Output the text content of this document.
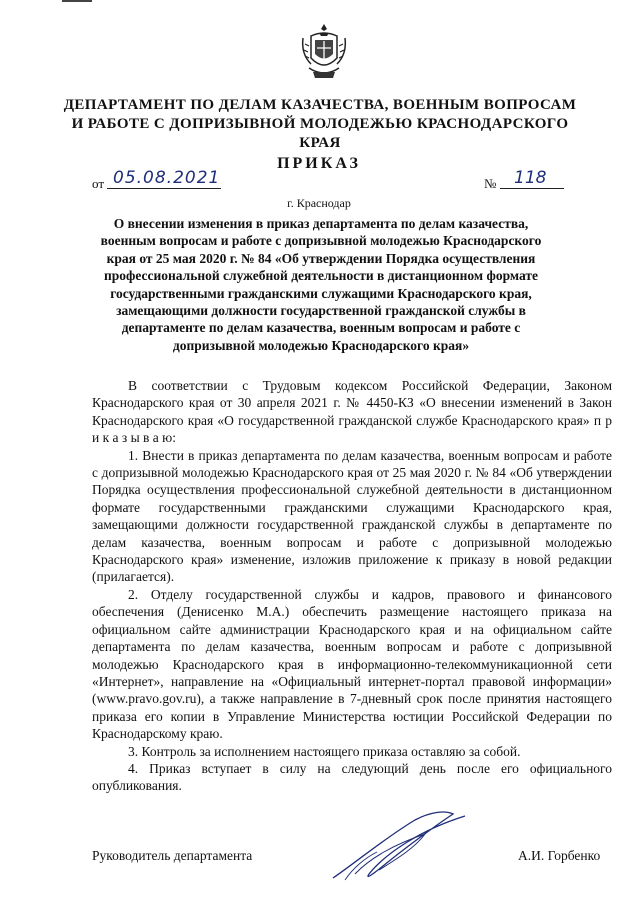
ДЕПАРТАМЕНТ ПО ДЕЛАМ КАЗАЧЕСТВА, ВОЕННЫМ ВОПРОСАМ И РАБОТЕ С ДОПРИЗЫВНОЙ МОЛОДЕЖЬЮ КРАСНОДАРСКОГО КРАЯ
ПРИКАЗ
от 05.08.2021	№	118
г. Краснодар
О внесении изменения в приказ департамента по делам казачества, военным вопросам и работе с допризывной молодежью Краснодарского края от 25 мая 2020 г. № 84 «Об утверждении Порядка осуществления профессиональной служебной деятельности в дистанционном формате государственными гражданскими служащими Краснодарского края, замещающими должности государственной гражданской службы в департаменте по делам казачества, военным вопросам и работе с допризывной молодежью Краснодарского края»

В соответствии с Трудовым кодексом Российской Федерации, Законом Краснодарского края от 30 апреля 2021 г. № 4450-КЗ «О внесении изменений в Закон Краснодарского края «О государственной гражданской службе Краснодарского края» п р и к а з ы в а ю:

1. Внести в приказ департамента по делам казачества, военным вопросам и работе с допризывной молодежью Краснодарского края от 25 мая 2020 г. № 84 «Об утверждении Порядка осуществления профессиональной служебной деятельности в дистанционном формате государственными гражданскими служащими Краснодарского края, замещающими должности государственной гражданской службы в департаменте по делам казачества, военным вопросам и работе с допризывной молодежью Краснодарского края» изменение, изложив приложение к приказу в новой редакции (прилагается).

2. Отделу государственной службы и кадров, правового и финансового обеспечения (Денисенко М.А.) обеспечить размещение настоящего приказа на официальном сайте администрации Краснодарского края и на официальном сайте департамента по делам казачества, военным вопросам и работе с допризывной молодежью Краснодарского края в информационно-телекоммуникационной сети «Интернет», направление на «Официальный интернет-портал правовой информации» (www.pravo.gov.ru), а также направление в 7-дневный срок после принятия настоящего приказа его копии в Управление Министерства юстиции Российской Федерации по Краснодарскому краю.

3. Контроль за исполнением настоящего приказа оставляю за собой.

4. Приказ вступает в силу на следующий день после его официального опубликования.

Руководитель департамента	А.И. Горбенко
